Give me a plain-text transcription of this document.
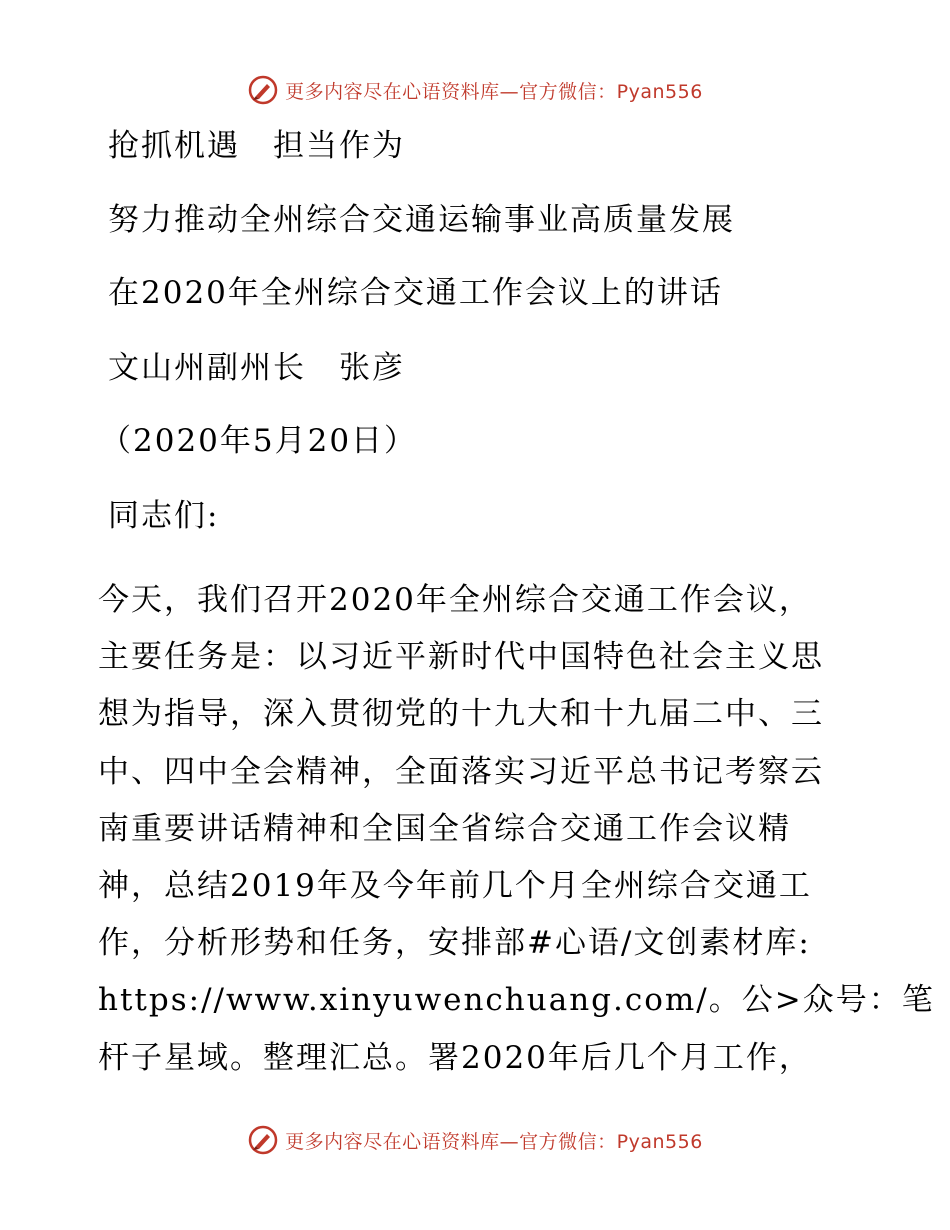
更多内容尽在心语资料库—官方微信：Pyan556
抢抓机遇　担当作为
努力推动全州综合交通运输事业高质量发展
在2020年全州综合交通工作会议上的讲话
文山州副州长　张彦
（2020年5月20日）
同志们:
今天，我们召开2020年全州综合交通工作会议，
主要任务是：以习近平新时代中国特色社会主义思
想为指导，深入贯彻党的十九大和十九届二中、三
中、四中全会精神，全面落实习近平总书记考察云
南重要讲话精神和全国全省综合交通工作会议精
神，总结2019年及今年前几个月全州综合交通工
作，分析形势和任务，安排部#心语/文创素材库:
https://www.xinyuwenchuang.com/。公>众号：笔
杆子星域。整理汇总。署2020年后几个月工作，
更多内容尽在心语资料库—官方微信：Pyan556
